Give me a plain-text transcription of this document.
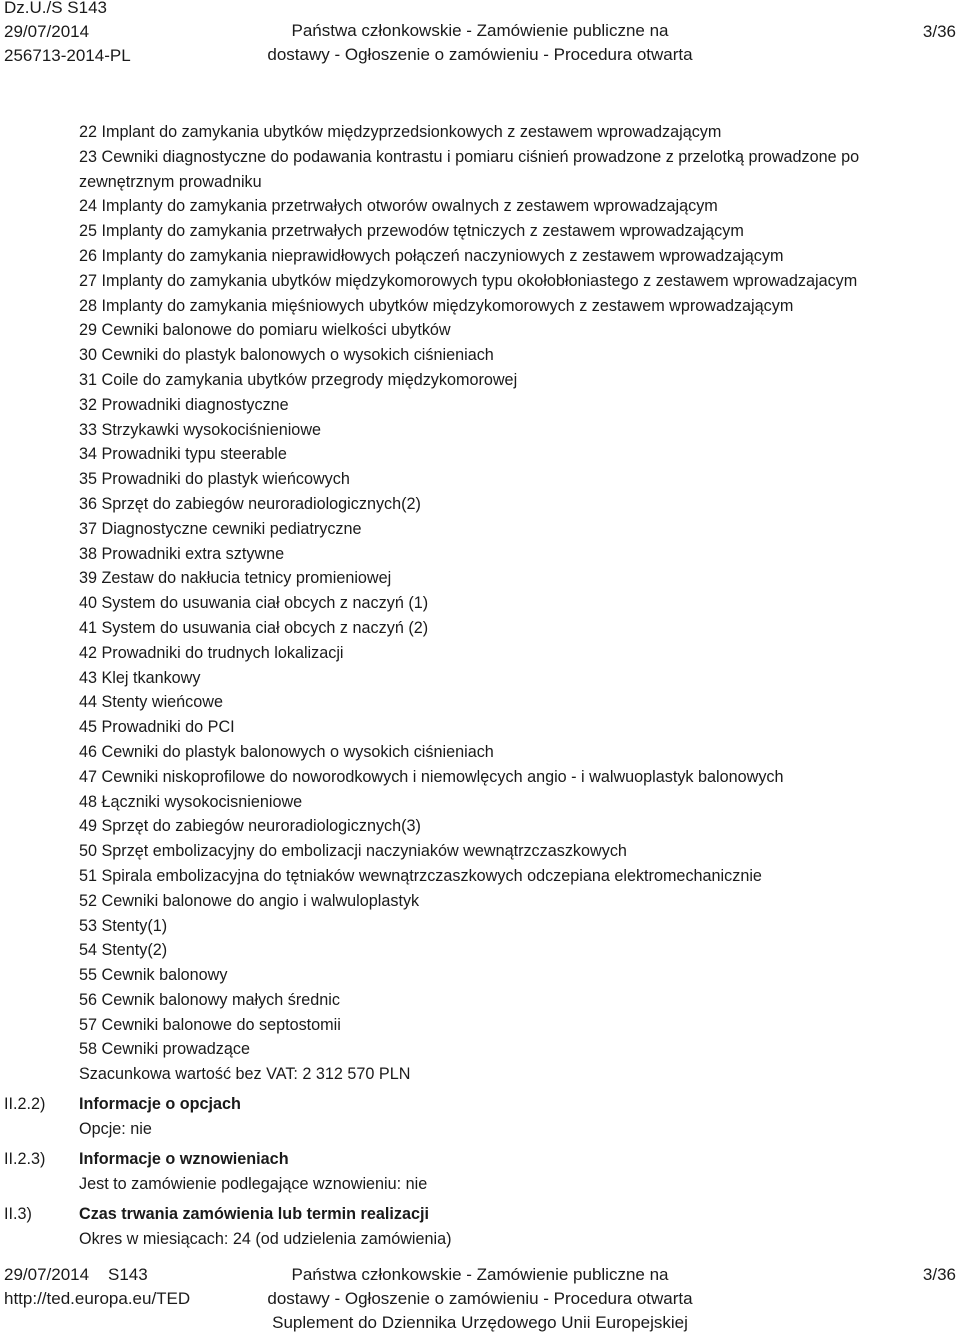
Dz.U./S S143
29/07/2014
256713-2014-PL
Państwa członkowskie - Zamówienie publiczne na
dostawy - Ogłoszenie o zamówieniu - Procedura otwarta
3/36
22 Implant do zamykania ubytków międzyprzedsionkowych z zestawem wprowadzającym
23 Cewniki diagnostyczne do podawania kontrastu i pomiaru ciśnień prowadzone z przelotką prowadzone po zewnętrznym prowadniku
24 Implanty do zamykania przetrwałych otworów owalnych z zestawem wprowadzającym
25 Implanty do zamykania przetrwałych przewodów tętniczych z zestawem wprowadzającym
26 Implanty do zamykania nieprawidłowych połączeń naczyniowych z zestawem wprowadzającym
27 Implanty do zamykania ubytków międzykomorowych typu okołobłoniastego z zestawem wprowadzajacym
28 Implanty do zamykania mięśniowych ubytków międzykomorowych z zestawem wprowadzającym
29 Cewniki balonowe do pomiaru wielkości ubytków
30 Cewniki do plastyk balonowych o wysokich ciśnieniach
31 Coile do zamykania ubytków przegrody międzykomorowej
32 Prowadniki diagnostyczne
33 Strzykawki wysokociśnieniowe
34 Prowadniki typu steerable
35 Prowadniki do plastyk wieńcowych
36 Sprzęt do zabiegów neuroradiologicznych(2)
37 Diagnostyczne cewniki pediatryczne
38 Prowadniki extra sztywne
39 Zestaw do nakłucia tetnicy promieniowej
40 System do usuwania ciał obcych z naczyń (1)
41 System do usuwania ciał obcych z naczyń (2)
42 Prowadniki do trudnych lokalizacji
43 Klej tkankowy
44 Stenty wieńcowe
45 Prowadniki do PCI
46 Cewniki do plastyk balonowych o wysokich ciśnieniach
47 Cewniki niskoprofilowe do noworodkowych i niemowlęcych angio - i walwuoplastyk balonowych
48 Łączniki wysokocisnieniowe
49 Sprzęt do zabiegów neuroradiologicznych(3)
50 Sprzęt embolizacyjny do embolizacji naczyniaków wewnątrzczaszkowych
51 Spirala embolizacyjna do tętniaków wewnątrzczaszkowych odczepiana elektromechanicznie
52 Cewniki balonowe do angio i walwuloplastyk
53 Stenty(1)
54 Stenty(2)
55 Cewnik balonowy
56 Cewnik balonowy małych średnic
57 Cewniki balonowe do septostomii
58 Cewniki prowadzące
Szacunkowa wartość bez VAT: 2 312 570 PLN
II.2.2) Informacje o opcjach
Opcje: nie
II.2.3) Informacje o wznowieniach
Jest to zamówienie podlegające wznowieniu: nie
II.3)	Czas trwania zamówienia lub termin realizacji
Okres w miesiącach: 24 (od udzielenia zamówienia)
29/07/2014    S143
http://ted.europa.eu/TED
Państwa członkowskie - Zamówienie publiczne na
dostawy - Ogłoszenie o zamówieniu - Procedura otwarta
Suplement do Dziennika Urzędowego Unii Europejskiej
3/36
